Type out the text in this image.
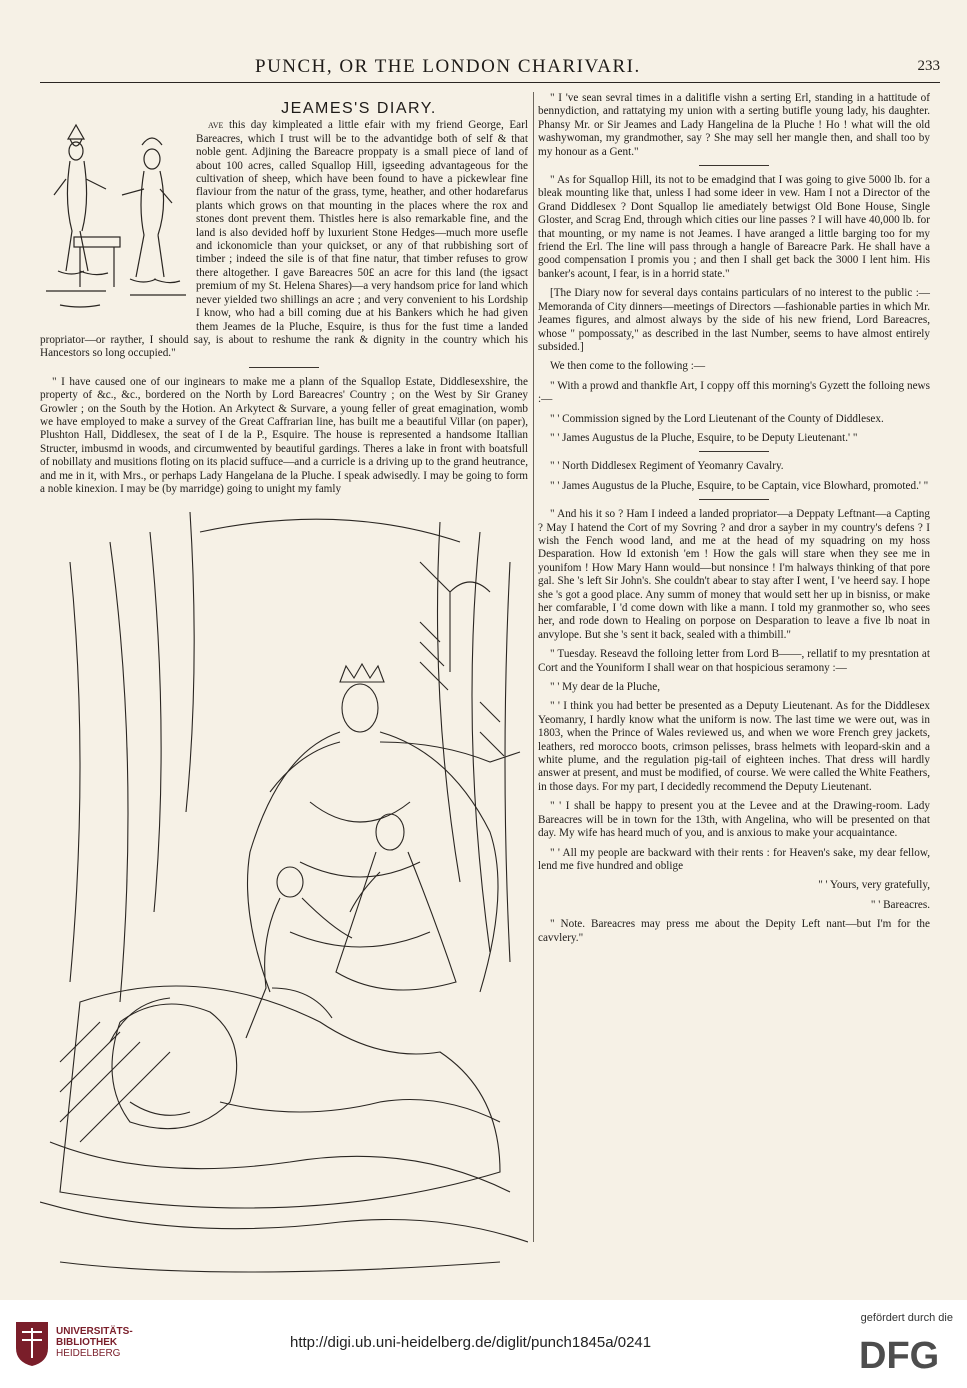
PUNCH, OR THE LONDON CHARIVARI.	233
JEAMES'S DIARY.

ave this day kimpleated a little efair with my friend George, Earl Bareacres, which I trust will be to the advantidge both of self & that noble gent. Adjining the Bareacre proppaty is a small piece of land of about 100 acres, called Squallop Hill, igseeding advantageous for the cultivation of sheep, which have been found to have a pickewlear fine flaviour from the natur of the grass, tyme, heather, and other hodarefarus plants which grows on that mounting in the places where the rox and stones dont prevent them. Thistles here is also remarkable fine, and the land is also devided hoff by luxurient Stone Hedges—much more usefle and ickonomicle than your quickset, or any of that rubbishing sort of timber ; indeed the sile is of that fine natur, that timber refuses to grow there altogether. I gave Bareacres 50£ an acre for this land (the igsact premium of my St. Helena Shares)—a very handsom price for land which never yielded two shillings an acre ; and very convenient to his Lordship I know, who had a bill coming due at his Bankers which he had given them Jeames de la Pluche, Esquire, is thus for the fust time a landed propriator—or rayther, I should say, is about to reshume the rank & dignity in the country which his Hancestors so long occupied."

" I have caused one of our inginears to make me a plann of the Squallop Estate, Diddlesexshire, the property of &c., &c., bordered on the North by Lord Bareacres' Country ; on the West by Sir Graney Growler ; on the South by the Hotion. An Arkytect & Survare, a young feller of great emagination, womb we have employed to make a survey of the Great Caffrarian line, has built me a beautiful Villar (on paper), Plushton Hall, Diddlesex, the seat of I de la P., Esquire. The house is represented a handsome Itallian Structer, imbusmd in woods, and circumwented by beautiful gardings. Theres a lake in front with boatsfull of nobillaty and musitions floting on its placid suffuce—and a curricle is a driving up to the grand heutrance, and me in it, with Mrs., or perhaps Lady Hangelana de la Pluche. I speak adwisedly. I may be going to form a noble kinexion. I may be (by marridge) going to unight my famly

" I 've sean sevral times in a dalitifle vishn a serting Erl, standing in a hattitude of bennydiction, and rattatying my union with a serting butifle young lady, his daughter. Phansy Mr. or Sir Jeames and Lady Hangelina de la Pluche ! Ho ! what will the old washywoman, my grandmother, say ? She may sell her mangle then, and shall too by my honour as a Gent."

" As for Squallop Hill, its not to be emadgind that I was going to give 5000 lb. for a bleak mounting like that, unless I had some ideer in vew. Ham I not a Director of the Grand Diddlesex ? Dont Squallop lie amediately betwigst Old Bone House, Single Gloster, and Scrag End, through which cities our line passes ? I will have 40,000 lb. for that mounting, or my name is not Jeames. I have aranged a little barging too for my friend the Erl. The line will pass through a hangle of Bareacre Park. He shall have a good compensation I promis you ; and then I shall get back the 3000 I lent him. His banker's acount, I fear, is in a horrid state."

[The Diary now for several days contains particulars of no interest to the public :—Memoranda of City dinners—meetings of Directors —fashionable parties in which Mr. Jeames figures, and almost always by the side of his new friend, Lord Bareacres, whose " pompossaty," as described in the last Number, seems to have almost entirely subsided.]

We then come to the following :—

" With a prowd and thankfle Art, I coppy off this morning's Gyzett the folloing news :—

" ' Commission signed by the Lord Lieutenant of the County of Diddlesex.

" ' James Augustus de la Pluche, Esquire, to be Deputy Lieutenant.' "

" ' North Diddlesex Regiment of Yeomanry Cavalry.

" ' James Augustus de la Pluche, Esquire, to be Captain, vice Blowhard, promoted.' "

" And his it so ? Ham I indeed a landed propriator—a Deppaty Leftnant—a Capting ? May I hatend the Cort of my Sovring ? and dror a sayber in my country's defens ? I wish the Fench wood land, and me at the head of my squadring on my hoss Desparation. How Id extonish 'em ! How the gals will stare when they see me in younifom ! How Mary Hann would—but nonsince ! I'm halways thinking of that pore gal. She 's left Sir John's. She couldn't abear to stay after I went, I 've heerd say. I hope she 's got a good place. Any summ of money that would sett her up in bisniss, or make her comfarable, I 'd come down with like a mann. I told my granmother so, who sees her, and rode down to Healing on porpose on Desparation to leave a five lb noat in anvylope. But she 's sent it back, sealed with a thimbill."

" Tuesday. Reseavd the folloing letter from Lord B——, rellatif to my presntation at Cort and the Youniform I shall wear on that hospicious seramony :—

" ' My dear de la Pluche,

" ' I think you had better be presented as a Deputy Lieutenant. As for the Diddlesex Yeomanry, I hardly know what the uniform is now. The last time we were out, was in 1803, when the Prince of Wales reviewed us, and when we wore French grey jackets, leathers, red morocco boots, crimson pelisses, brass helmets with leopard-skin and a white plume, and the regulation pig-tail of eighteen inches. That dress will hardly answer at present, and must be modified, of course. We were called the White Feathers, in those days. For my part, I decidedly recommend the Deputy Lieutenant.

" ' I shall be happy to present you at the Levee and at the Drawing-room. Lady Bareacres will be in town for the 13th, with Angelina, who will be presented on that day. My wife has heard much of you, and is anxious to make your acquaintance.

" ' All my people are backward with their rents : for Heaven's sake, my dear fellow, lend me five hundred and oblige

" ' Yours, very gratefully,

" ' Bareacres.

" Note. Bareacres may press me about the Depity Left nant—but I'm for the cavvlery."

UNIVERSITÄTS-
BIBLIOTHEK
HEIDELBERG
http://digi.ub.uni-heidelberg.de/diglit/punch1845a/0241
gefördert durch die
DFG
